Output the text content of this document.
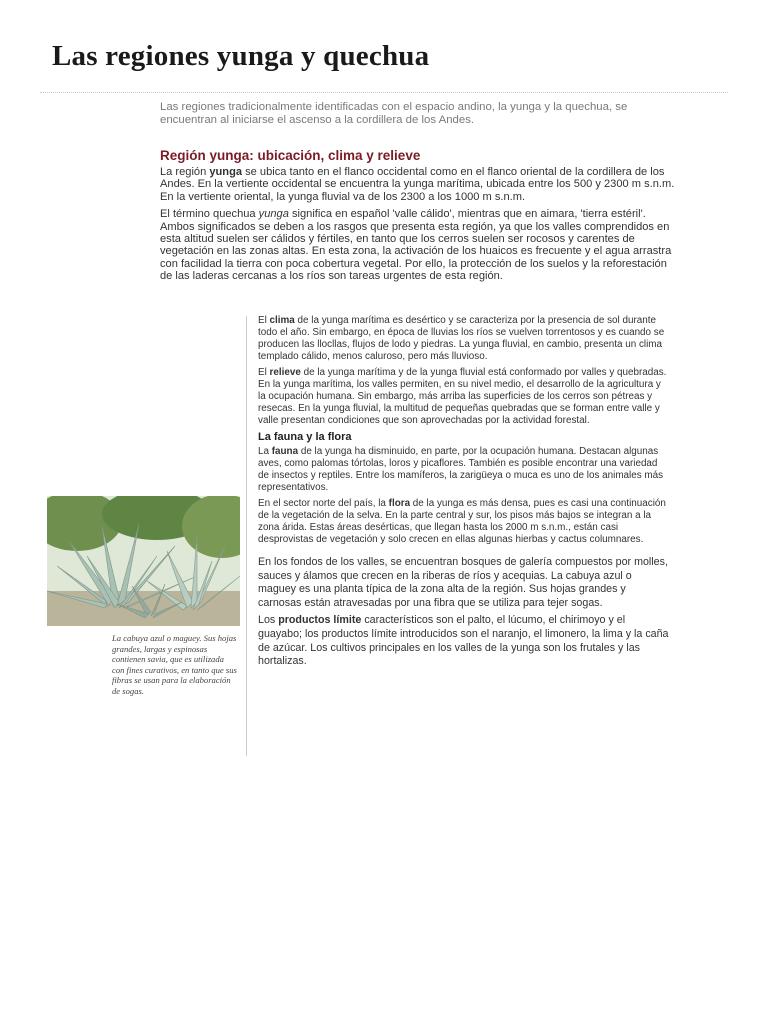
Las regiones yunga y quechua

Las regiones tradicionalmente identificadas con el espacio andino, la yunga y la quechua, se encuentran al iniciarse el ascenso a la cordillera de los Andes.

Región yunga: ubicación, clima y relieve

La región yunga se ubica tanto en el flanco occidental como en el flanco oriental de la cordillera de los Andes. En la vertiente occidental se encuentra la yunga marítima, ubicada entre los 500 y 2300 m s.n.m. En la vertiente oriental, la yunga fluvial va de los 2300 a los 1000 m s.n.m.

El término quechua yunga significa en español 'valle cálido', mientras que en aimara, 'tierra estéril'. Ambos significados se deben a los rasgos que presenta esta región, ya que los valles comprendidos en esta altitud suelen ser cálidos y fértiles, en tanto que los cerros suelen ser rocosos y carentes de vegetación en las zonas altas. En esta zona, la activación de los huaicos es frecuente y el agua arrastra con facilidad la tierra con poca cobertura vegetal. Por ello, la protección de los suelos y la reforestación de las laderas cercanas a los ríos son tareas urgentes de esta región.

El clima de la yunga marítima es desértico y se caracteriza por la presencia de sol durante todo el año. Sin embargo, en época de lluvias los ríos se vuelven torrentosos y es cuando se producen las llocllas, flujos de lodo y piedras. La yunga fluvial, en cambio, presenta un clima templado cálido, menos caluroso, pero más lluvioso.

El relieve de la yunga marítima y de la yunga fluvial está conformado por valles y quebradas. En la yunga marítima, los valles permiten, en su nivel medio, el desarrollo de la agricultura y la ocupación humana. Sin embargo, más arriba las superficies de los cerros son pétreas y resecas. En la yunga fluvial, la multitud de pequeñas quebradas que se forman entre valle y valle presentan condiciones que son aprovechadas por la actividad forestal.

La fauna y la flora

La fauna de la yunga ha disminuido, en parte, por la ocupación humana. Destacan algunas aves, como palomas tórtolas, loros y picaflores. También es posible encontrar una variedad de insectos y reptiles. Entre los mamíferos, la zarigüeya o muca es uno de los animales más representativos.

En el sector norte del país, la flora de la yunga es más densa, pues es casi una continuación de la vegetación de la selva. En la parte central y sur, los pisos más bajos se integran a la zona árida. Estas áreas desérticas, que llegan hasta los 2000 m s.n.m., están casi desprovistas de vegetación y solo crecen en ellas algunas hierbas y cactus columnares.

En los fondos de los valles, se encuentran bosques de galería compuestos por molles, sauces y álamos que crecen en la riberas de ríos y acequias. La cabuya azul o maguey es una planta típica de la zona alta de la región. Sus hojas grandes y carnosas están atravesadas por una fibra que se utiliza para tejer sogas.

Los productos límite característicos son el palto, el lúcumo, el chirimoyo y el guayabo; los productos límite introducidos son el naranjo, el limonero, la lima y la caña de azúcar. Los cultivos principales en los valles de la yunga son los frutales y las hortalizas.

La cabuya azul o maguey. Sus hojas grandes, largas y espinosas contienen savia, que es utilizada con fines curativos, en tanto que sus fibras se usan para la elaboración de sogas.
